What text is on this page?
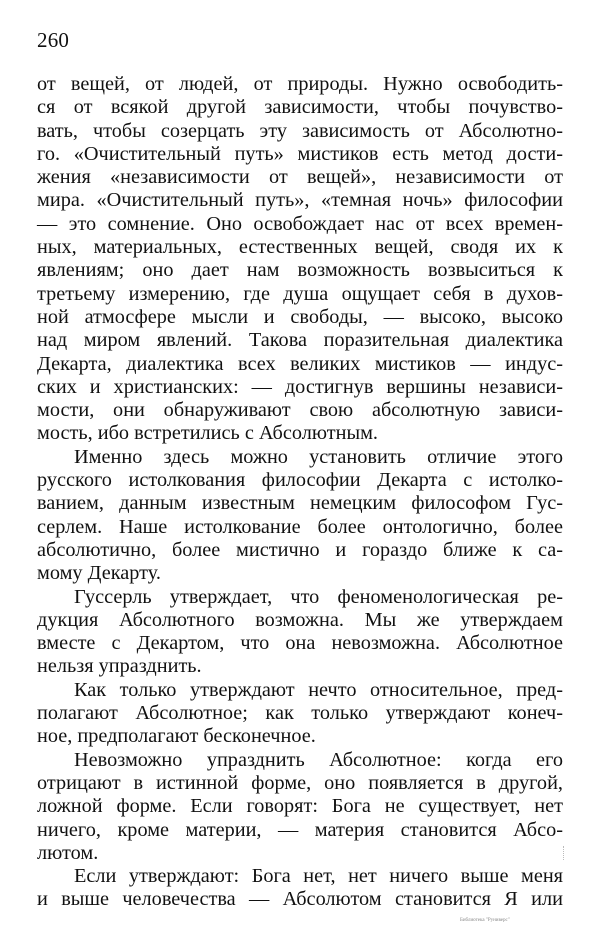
260
от вещей, от людей, от природы. Нужно освободить-
ся от всякой другой зависимости, чтобы почувство-
вать, чтобы созерцать эту зависимость от Абсолютно-
го. «Очистительный путь» мистиков есть метод дости-
жения «независимости от вещей», независимости от
мира. «Очистительный путь», «темная ночь» философии
— это сомнение. Оно освобождает нас от всех времен-
ных, материальных, естественных вещей, сводя их к
явлениям; оно дает нам возможность возвыситься к
третьему измерению, где душа ощущает себя в духов-
ной атмосфере мысли и свободы, — высоко, высоко
над миром явлений. Такова поразительная диалектика
Декарта, диалектика всех великих мистиков — индус-
ских и христианских: — достигнув вершины независи-
мости, они обнаруживают свою абсолютную зависи-
мость, ибо встретились с Абсолютным.
Именно здесь можно установить отличие этого
русского истолкования философии Декарта с истолко-
ванием, данным известным немецким философом Гус-
серлем. Наше истолкование более онтологично, более
абсолютично, более мистично и гораздо ближе к са-
мому Декарту.
Гуссерль утверждает, что феноменологическая ре-
дукция Абсолютного возможна. Мы же утверждаем
вместе с Декартом, что она невозможна. Абсолютное
нельзя упразднить.
Как только утверждают нечто относительное, пред-
полагают Абсолютное; как только утверждают конеч-
ное, предполагают бесконечное.
Невозможно упразднить Абсолютное: когда его
отрицают в истинной форме, оно появляется в другой,
ложной форме. Если говорят: Бога не существует, нет
ничего, кроме материи, — материя становится Абсо-
лютом.
Если утверждают: Бога нет, нет ничего выше меня
и выше человечества — Абсолютом становится Я или
Библиотека "Руниверс"
